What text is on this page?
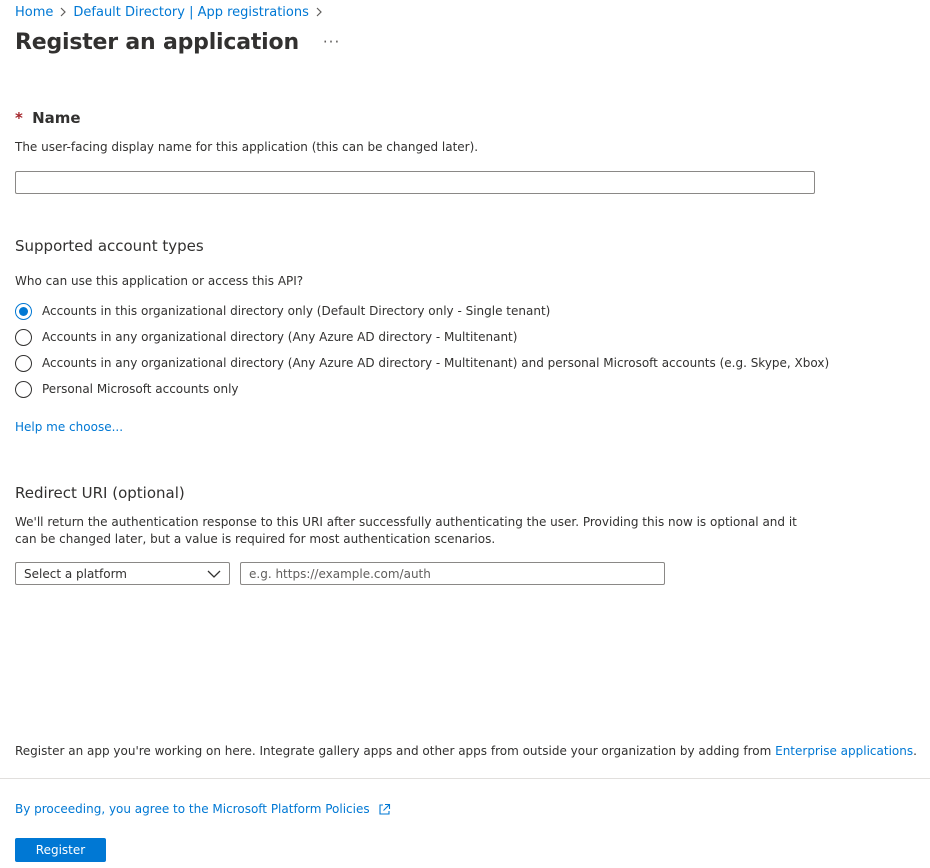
Home Default Directory | App registrations
Register an application ···
* Name
The user-facing display name for this application (this can be changed later).
Supported account types
Who can use this application or access this API?
Accounts in this organizational directory only (Default Directory only - Single tenant)
Accounts in any organizational directory (Any Azure AD directory - Multitenant)
Accounts in any organizational directory (Any Azure AD directory - Multitenant) and personal Microsoft accounts (e.g. Skype, Xbox)
Personal Microsoft accounts only
Help me choose...
Redirect URI (optional)
We'll return the authentication response to this URI after successfully authenticating the user. Providing this now is optional and it can be changed later, but a value is required for most authentication scenarios.
Select a platform
e.g. https://example.com/auth
Register an app you're working on here. Integrate gallery apps and other apps from outside your organization by adding from Enterprise applications.
By proceeding, you agree to the Microsoft Platform Policies
Register
